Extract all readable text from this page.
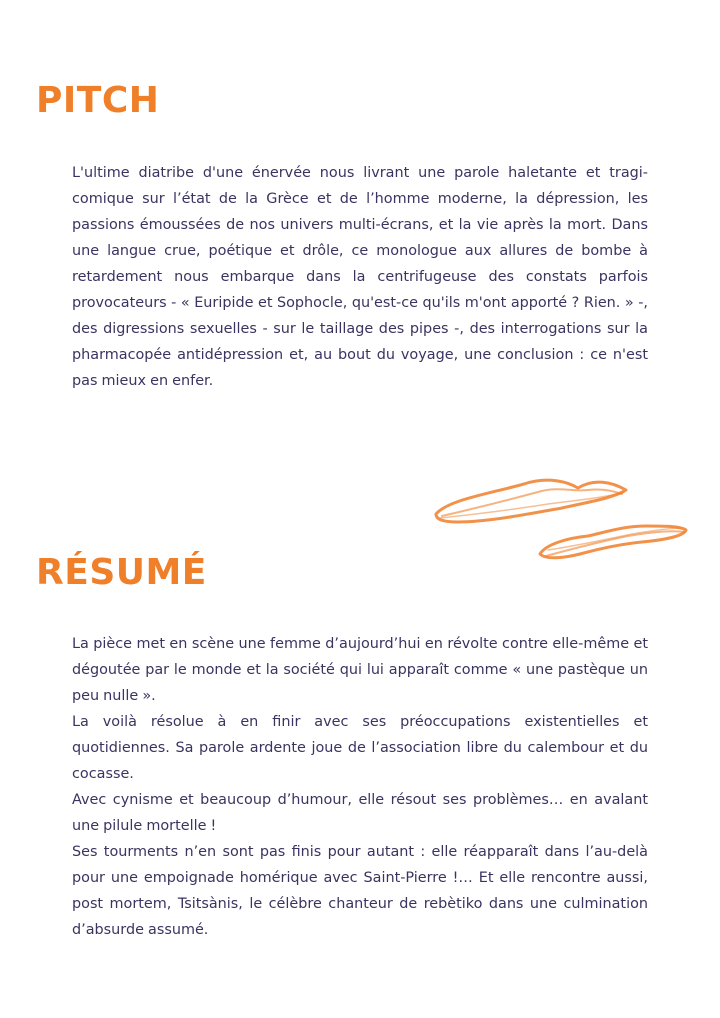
PITCH

L'ultime diatribe d'une énervée nous livrant une parole haletante et tragi-comique sur l’état de la Grèce et de l’homme moderne, la dépression, les passions émoussées de nos univers multi-écrans, et la vie après la mort. Dans une langue crue, poétique et drôle, ce monologue aux allures de bombe à retardement nous embarque dans la centrifugeuse des constats parfois provocateurs - « Euripide et Sophocle, qu'est-ce qu'ils m'ont apporté ? Rien. » -, des digressions sexuelles - sur le taillage des pipes -, des interrogations sur la pharmacopée antidépression et, au bout du voyage, une conclusion : ce n'est pas mieux en enfer.

RÉSUMÉ

La pièce met en scène une femme d’aujourd’hui en révolte contre elle-même et dégoutée par le monde et la société qui lui apparaît comme « une pastèque un peu nulle ».

La voilà résolue à en finir avec ses préoccupations existentielles et quotidiennes. Sa parole ardente joue de l’association libre du calembour et du cocasse.

Avec cynisme et beaucoup d’humour, elle résout ses problèmes… en avalant une pilule mortelle !

Ses tourments n’en sont pas finis pour autant : elle réapparaît dans l’au-delà pour une empoignade homérique avec Saint-Pierre !… Et elle rencontre aussi, post mortem, Tsitsànis, le célèbre chanteur de rebètiko dans une culmination d’absurde assumé.
